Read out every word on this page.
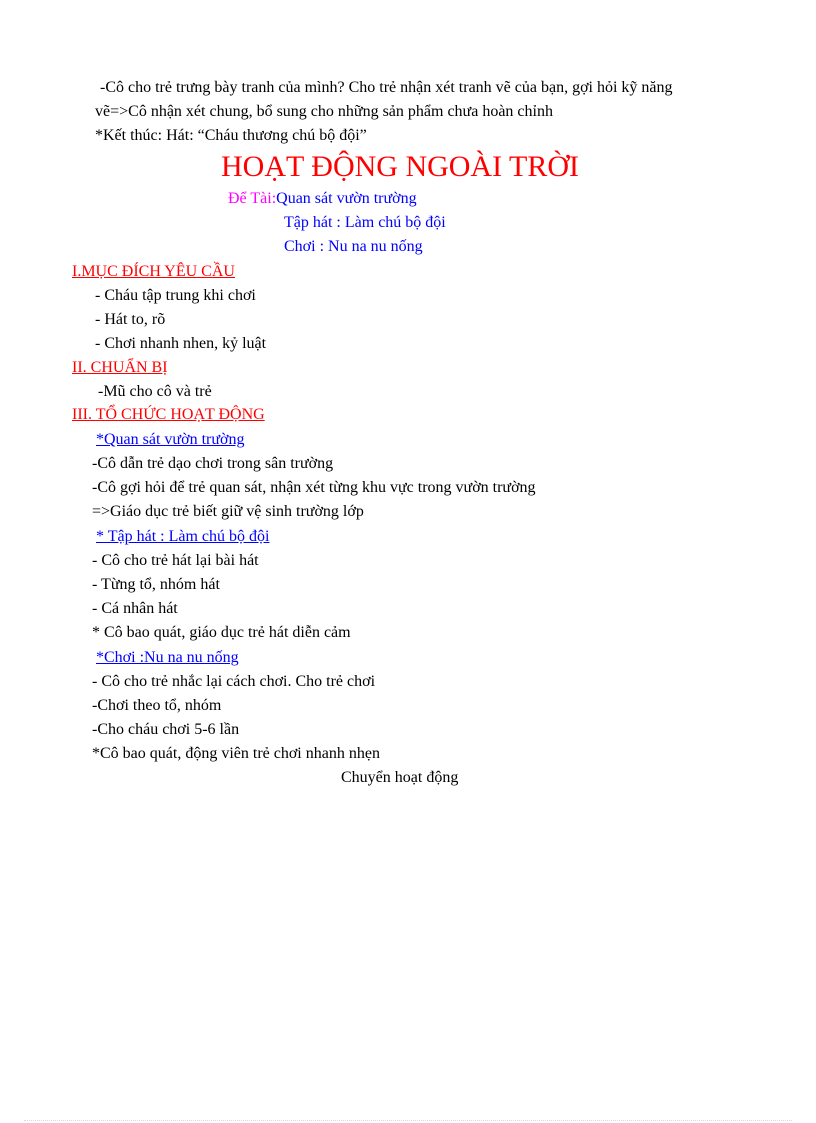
-Cô cho trẻ trưng bày tranh của mình? Cho trẻ nhận xét tranh vẽ của bạn, gợi hỏi kỹ năng
vẽ=>Cô nhận xét chung, bổ sung cho những sản phẩm chưa hoàn chỉnh
*Kết thúc: Hát: “Cháu thương chú bộ đội”
HOẠT ĐỘNG NGOÀI TRỜI
Để Tài:Quan sát vườn trường
Tập hát : Làm chú bộ đội
Chơi : Nu na nu nống
I.MỤC ĐÍCH YÊU CẦU
- Cháu tập trung khi chơi
- Hát to, rõ
- Chơi nhanh nhen, kỷ luật
II. CHUẨN BỊ
-Mũ cho cô và trẻ
III. TỔ CHỨC HOẠT ĐỘNG
*Quan sát vườn trường
-Cô dẫn trẻ dạo chơi trong sân trường
-Cô gợi hỏi để trẻ quan sát, nhận xét từng khu vực trong vườn trường
=>Giáo dục trẻ biết giữ vệ sinh trường lớp
* Tập hát : Làm chú bộ đội
- Cô cho trẻ hát lại bài hát
- Từng tổ, nhóm hát
- Cá nhân hát
* Cô bao quát, giáo dục trẻ hát diễn cảm
*Chơi :Nu na nu nống
- Cô cho trẻ nhắc lại cách chơi. Cho trẻ chơi
-Chơi theo tổ, nhóm
-Cho cháu chơi 5-6 lần
*Cô bao quát, động viên trẻ chơi nhanh nhẹn
Chuyển hoạt động
